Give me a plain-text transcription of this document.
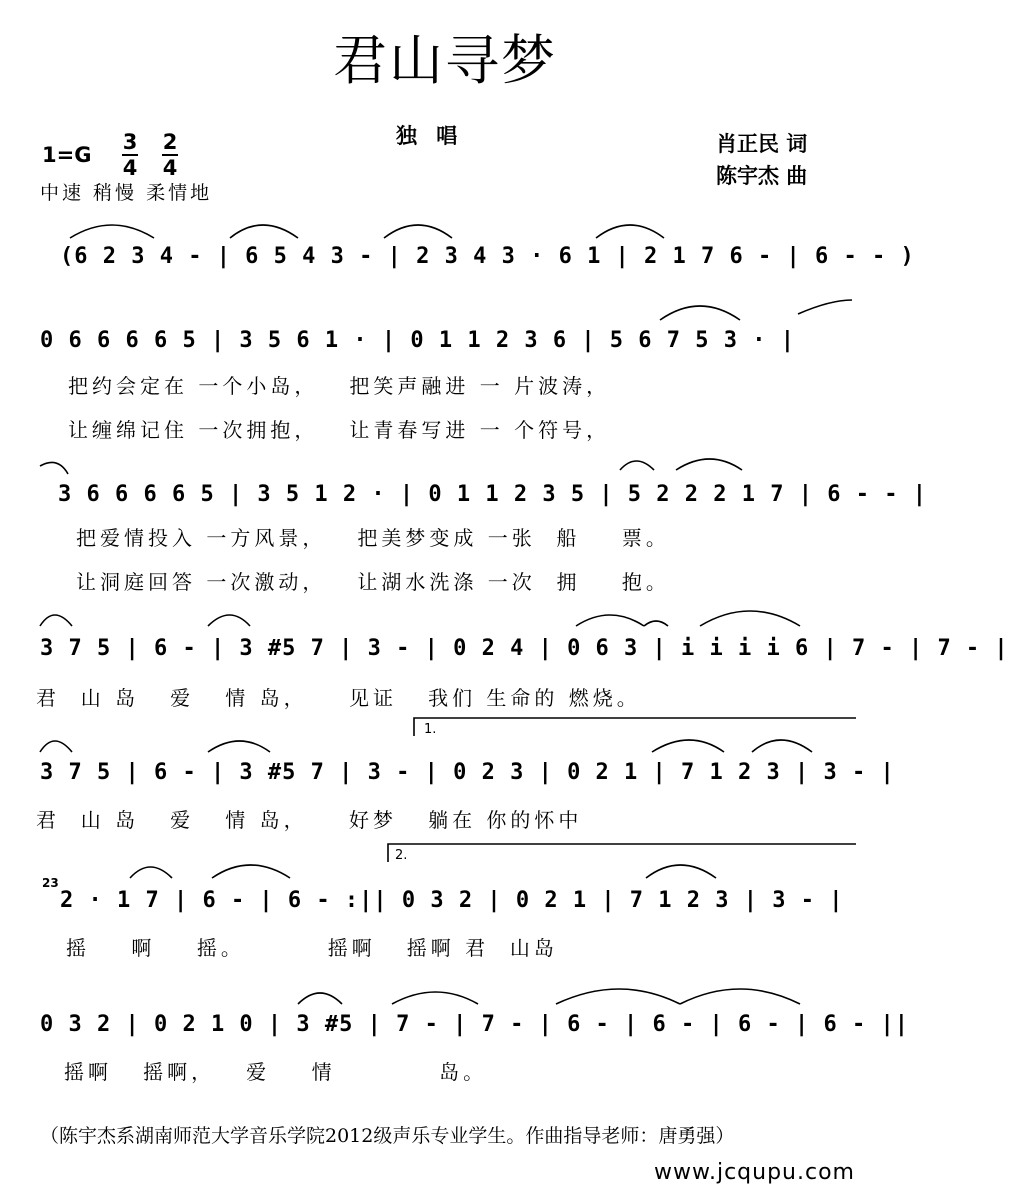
君山寻梦
独 唱	肖正民 词
陈宇杰 曲
1=G
3
4
2
4
中速 稍慢 柔情地
(6 2 3 4 - | 6 5 4 3 - | 2 3 4 3 · 6 1 | 2 1 7 6 - | 6 - - )
0 6 6 6 6 5 | 3 5 6 1 · | 0 1 1 2 3 6 | 5 6 7 5 3 · |
把约会定在 一个小岛，   把笑声融进 一 片波涛，
让缠绵记住 一次拥抱，   让青春写进 一 个符号，
3 6 6 6 6 5 | 3 5 1 2 · | 0 1 1 2 3 5 | 5 2 2 2 1 7 | 6 - - |
把爱情投入 一方风景，   把美梦变成 一张  船    票。
让洞庭回答 一次激动，   让湖水洗涤 一次  拥    抱。
3 7 5 | 6 - | 3 #5 7 | 3 - | 0 2 4 | 0 6 3 | i i i i 6 | 7 - | 7 - |
君  山 岛   爱   情 岛，    见证   我们 生命的 燃烧。
1.
3 7 5 | 6 - | 3 #5 7 | 3 - | 0 2 3 | 0 2 1 | 7 1 2 3 | 3 - |
君  山 岛   爱   情 岛，    好梦   躺在 你的怀中
2.
23
2 · 1 7 | 6 - | 6 - :|| 0 3 2 | 0 2 1 | 7 1 2 3 | 3 - |
摇    啊    摇。        摇啊   摇啊 君  山岛
0 3 2 | 0 2 1 0 | 3 #5 | 7 - | 7 - | 6 - | 6 - | 6 - | 6 - ||
摇啊   摇啊，   爱    情          岛。
（陈宇杰系湖南师范大学音乐学院2012级声乐专业学生。作曲指导老师：唐勇强）
www.jcqupu.com
